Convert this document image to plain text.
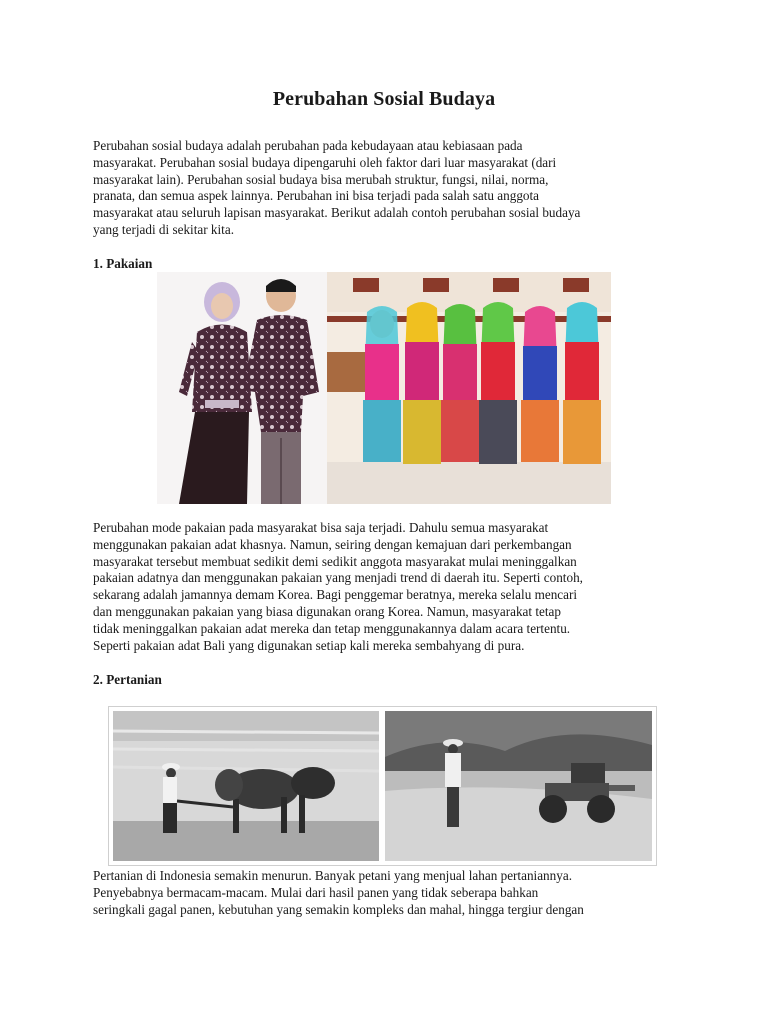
Perubahan Sosial Budaya
Perubahan sosial budaya adalah perubahan pada kebudayaan atau kebiasaan pada
masyarakat. Perubahan sosial budaya dipengaruhi oleh faktor dari luar masyarakat (dari
masyarakat lain). Perubahan sosial budaya bisa merubah struktur, fungsi, nilai, norma,
pranata, dan semua aspek lainnya. Perubahan ini bisa terjadi pada salah satu anggota
masyarakat atau seluruh lapisan masyarakat. Berikut adalah contoh perubahan sosial budaya
yang terjadi di sekitar kita.
1. Pakaian
Perubahan mode pakaian pada masyarakat bisa saja terjadi. Dahulu semua masyarakat
menggunakan pakaian adat khasnya. Namun, seiring dengan kemajuan dari perkembangan
masyarakat tersebut membuat sedikit demi sedikit anggota masyarakat mulai meninggalkan
pakaian adatnya dan menggunakan pakaian yang menjadi trend di daerah itu. Seperti contoh,
sekarang adalah jamannya demam Korea. Bagi penggemar beratnya, mereka selalu mencari
dan menggunakan pakaian yang biasa digunakan orang Korea. Namun, masyarakat tetap
tidak meninggalkan pakaian adat mereka dan tetap menggunakannya dalam acara tertentu.
Seperti pakaian adat Bali yang digunakan setiap kali mereka sembahyang di pura.
2. Pertanian
Pertanian di Indonesia semakin menurun. Banyak petani yang menjual lahan pertaniannya.
Penyebabnya bermacam-macam. Mulai dari hasil panen yang tidak seberapa bahkan
seringkali gagal panen, kebutuhan yang semakin kompleks dan mahal, hingga tergiur dengan
